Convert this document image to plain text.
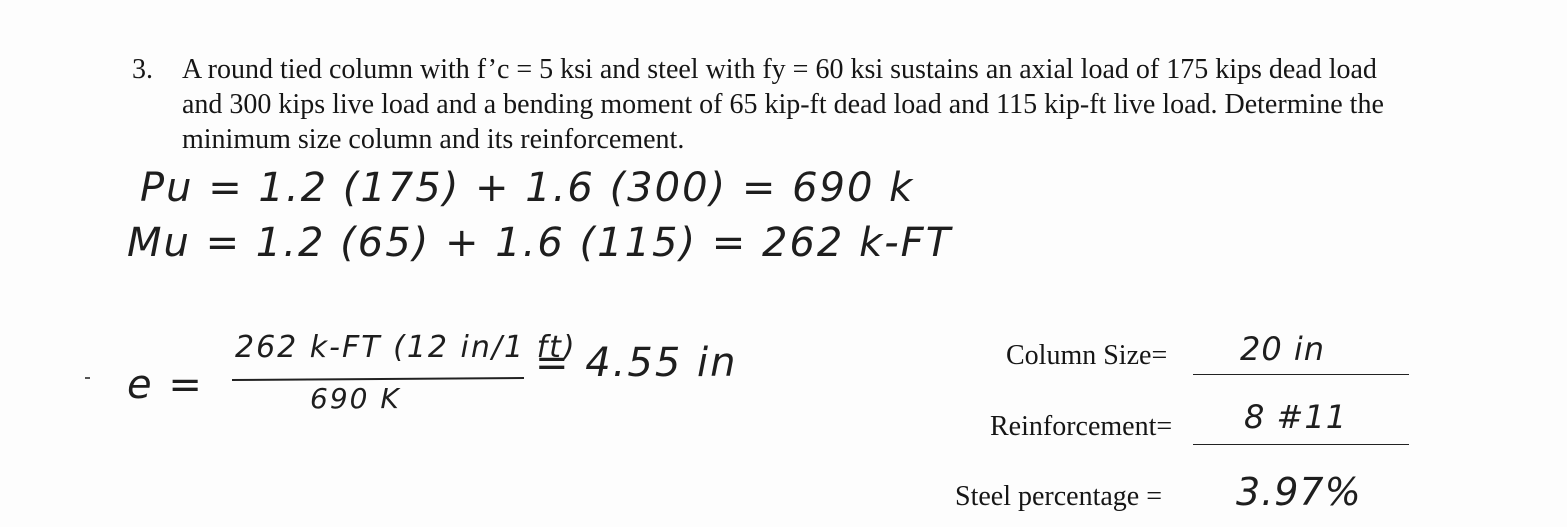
3. A round tied column with f’c = 5 ksi and steel with fy = 60 ksi sustains an axial load of 175 kips dead load and 300 kips live load and a bending moment of 65 kip-ft dead load and 115 kip-ft live load. Determine the minimum size column and its reinforcement.
Pu = 1.2 (175) + 1.6 (300) = 690 k
Mu = 1.2 (65) + 1.6 (115) = 262 k-FT
e =
262 k-FT (12 in/1 ft)
690 K
= 4.55 in	Column Size= 20 in
Reinforcement= 8 #11
Steel percentage = 3.97%
